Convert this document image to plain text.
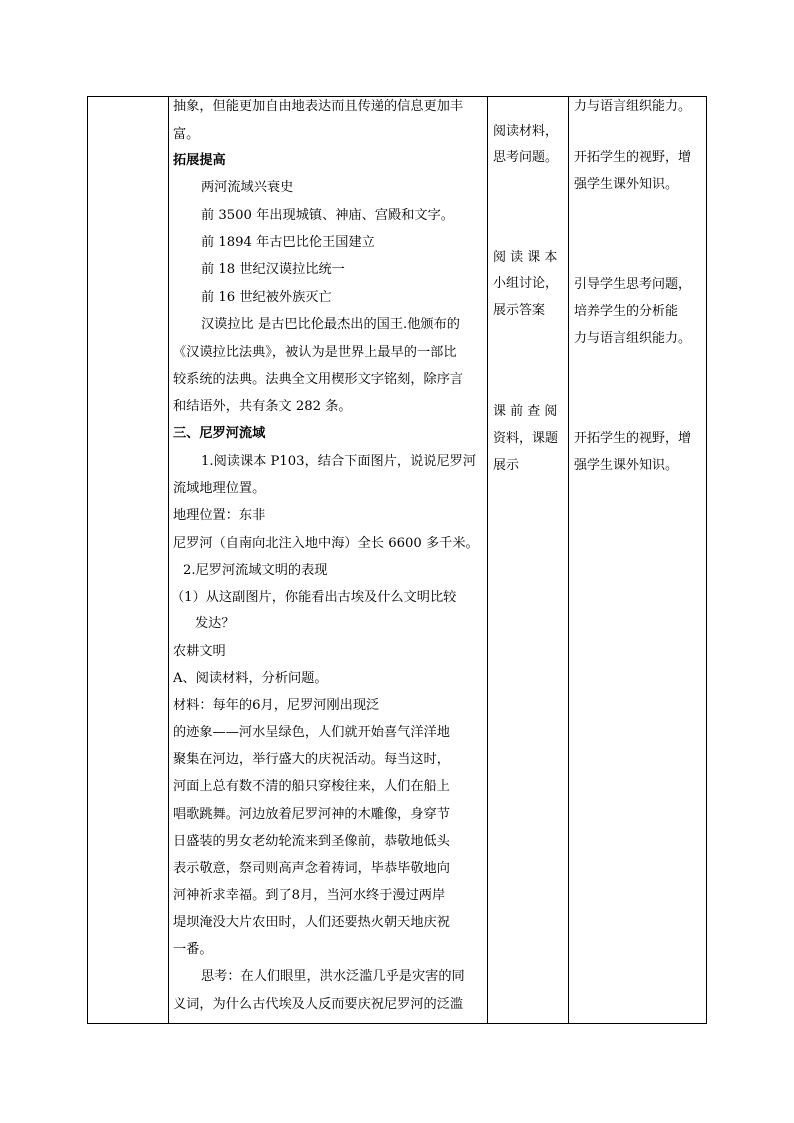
抽象，但能更加自由地表达而且传递的信息更加丰
富。
拓展提高
两河流域兴衰史
前 3500 年出现城镇、神庙、宫殿和文字。
前 1894 年古巴比伦王国建立
前 18 世纪汉谟拉比统一
前 16 世纪被外族灭亡
汉谟拉比 是古巴比伦最杰出的国王.他颁布的
《汉谟拉比法典》，被认为是世界上最早的一部比
较系统的法典。法典全文用楔形文字铭刻，除序言
和结语外，共有条文 282 条。
三、尼罗河流域
1.阅读课本 P103，结合下面图片，说说尼罗河
流域地理位置。
地理位置：东非
尼罗河（自南向北注入地中海）全长 6600 多千米。
2.尼罗河流域文明的表现
（1）从这副图片，你能看出古埃及什么文明比较
发达？
农耕文明
A、阅读材料，分析问题。
材料：每年的6月，尼罗河刚出现泛
的迹象——河水呈绿色，人们就开始喜气洋洋地
聚集在河边，举行盛大的庆祝活动。每当这时，
河面上总有数不清的船只穿梭往来，人们在船上
唱歌跳舞。河边放着尼罗河神的木雕像，身穿节
日盛装的男女老幼轮流来到圣像前，恭敬地低头
表示敬意，祭司则高声念着祷词，毕恭毕敬地向
河神祈求幸福。到了8月，当河水终于漫过两岸
堤坝淹没大片农田时，人们还要热火朝天地庆祝
一番。
思考：在人们眼里，洪水泛滥几乎是灾害的同
义词，为什么古代埃及人反而要庆祝尼罗河的泛滥
阅读材料，
思考问题。
阅 读 课 本
小组讨论，
展示答案
课 前 查 阅
资料，课题
展示
力与语言组织能力。
开拓学生的视野，增
强学生课外知识。
引导学生思考问题，
培养学生的分析能
力与语言组织能力。
开拓学生的视野，增
强学生课外知识。
